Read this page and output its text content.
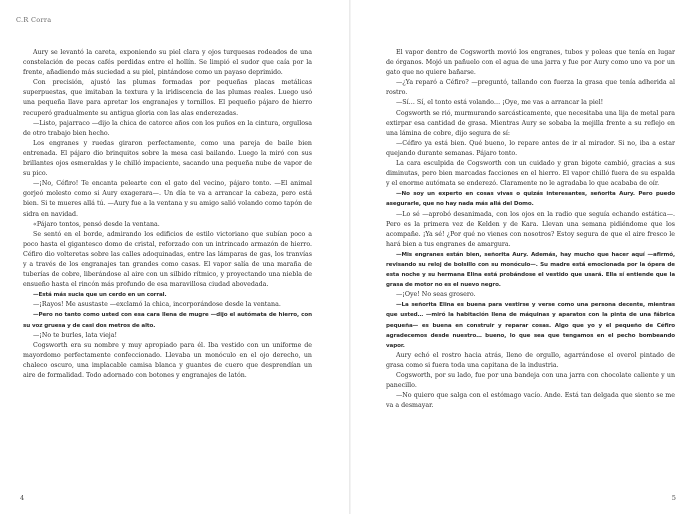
C.R Corra

Aury se levantó la careta, exponiendo su piel clara y ojos turquesas rodeados de una constelación de pecas cafés perdidas entre el hollín. Se limpió el sudor que caía por la frente, añadiendo más suciedad a su piel, pintándose como un payaso deprimido.

Con precisión, ajustó las plumas formadas por pequeñas placas metálicas superpuestas, que imitaban la textura y la iridiscencia de las plumas reales. Luego usó una pequeña llave para apretar los engranajes y tornillos. El pequeño pájaro de hierro recuperó gradualmente su antigua gloria con las alas enderezadas.

—Listo, pajarraco —dijo la chica de catorce años con los puños en la cintura, orgullosa de otro trabajo bien hecho.

Los engranes y ruedas giraron perfectamente, como una pareja de baile bien entrenada. El pájaro dio brinquitos sobre la mesa casi bailando. Luego la miró con sus brillantes ojos esmeraldas y le chilló impaciente, sacando una pequeña nube de vapor de su pico.

—¡No, Céfiro! Te encanta pelearte con el gato del vecino, pájaro tonto. —El animal gorjeó molesto como si Aury exagerara—. Un día te va a arrancar la cabeza, pero está bien. Si te mueres allá tú. —Aury fue a la ventana y su amigo salió volando como tapón de sidra en navidad.

«Pájaro tontos, pensó desde la ventana.

Se sentó en el borde, admirando los edificios de estilo victoriano que subían poco a poco hasta el gigantesco domo de cristal, reforzado con un intrincado armazón de hierro. Céfiro dio volteretas sobre las calles adoquinadas, entre las lámparas de gas, los tranvías y a través de los engranajes tan grandes como casas. El vapor salía de una maraña de tuberías de cobre, liberándose al aire con un silbido rítmico, y proyectando una niebla de ensueño hasta el rincón más profundo de esa maravillosa ciudad abovedada.

—Está más sucia que un cerdo en un corral.

—¡Rayos! Me asustaste —exclamó la chica, incorporándose desde la ventana.

—Pero no tanto como usted con esa cara llena de mugre —dijo el autómata de hierro, con su voz gruesa y de casi dos metros de alto.

—¡No te burles, lata vieja!

Cogsworth era su nombre y muy apropiado para él. Iba vestido con un uniforme de mayordomo perfectamente confeccionado. Llevaba un monóculo en el ojo derecho, un chaleco oscuro, una implacable camisa blanca y guantes de cuero que desprendían un aire de formalidad. Todo adornado con botones y engranajes de latón.

4

El vapor dentro de Cogsworth movió los engranes, tubos y poleas que tenía en lugar de órganos. Mojó un pañuelo con el agua de una jarra y fue por Aury como uno va por un gato que no quiere bañarse.

—¿Ya reparó a Céfiro? —preguntó, tallando con fuerza la grasa que tenía adherida al rostro.

—Sí… Sí, el tonto está volando… ¡Oye, me vas a arrancar la piel!

Cogsworth se rió, murmurando sarcásticamente, que necesitaba una lija de metal para extirpar esa cantidad de grasa. Mientras Aury se sobaba la mejilla frente a su reflejo en una lámina de cobre, dijo segura de sí:

—Céfiro ya está bien. Qué bueno, lo repare antes de ir al mirador. Si no, iba a estar quejando durante semanas. Pájaro tonto.

La cara esculpida de Cogsworth con un cuidado y gran bigote cambió, gracias a sus diminutas, pero bien marcadas facciones en el hierro. El vapor chilló fuera de su espalda y el enorme autómata se enderezó. Claramente no le agradaba lo que acababa de oír.

—No soy un experto en cosas vivas o quizás interesantes, señorita Aury. Pero puedo asegurarle, que no hay nada más allá del Domo.

—Lo sé —aprobó desanimada, con los ojos en la radio que seguía echando estática—. Pero es la primera vez de Kelden y de Kara. Llevan una semana pidiéndome que los acompañe. ¡Ya sé! ¿Por qué no vienes con nosotros? Estoy segura de que el aire fresco le hará bien a tus engranes de amargura.

—Mis engranes están bien, señorita Aury. Además, hay mucho que hacer aquí —afirmó, revisando su reloj de bolsillo con su monóculo—. Su madre está emocionada por la ópera de esta noche y su hermana Elina está probándose el vestido que usará. Ella sí entiende que la grasa de motor no es el nuevo negro.

—¡Oye! No seas grosero.

—La señorita Elina es buena para vestirse y verse como una persona decente, mientras que usted… —miró la habitación llena de máquinas y aparatos con la pinta de una fábrica pequeña— es buena en construir y reparar cosas. Algo que yo y el pequeño de Céfiro agradecemos desde nuestro… bueno, lo que sea que tengamos en el pecho bombeando vapor.

Aury echó el rostro hacia atrás, lleno de orgullo, agarrándose el overol pintado de grasa como si fuera toda una capitana de la industria.

Cogsworth, por su lado, fue por una bandeja con una jarra con chocolate caliente y un panecillo.

—No quiero que salga con el estómago vacío. Ande. Está tan delgada que siento se me va a desmayar.

5
